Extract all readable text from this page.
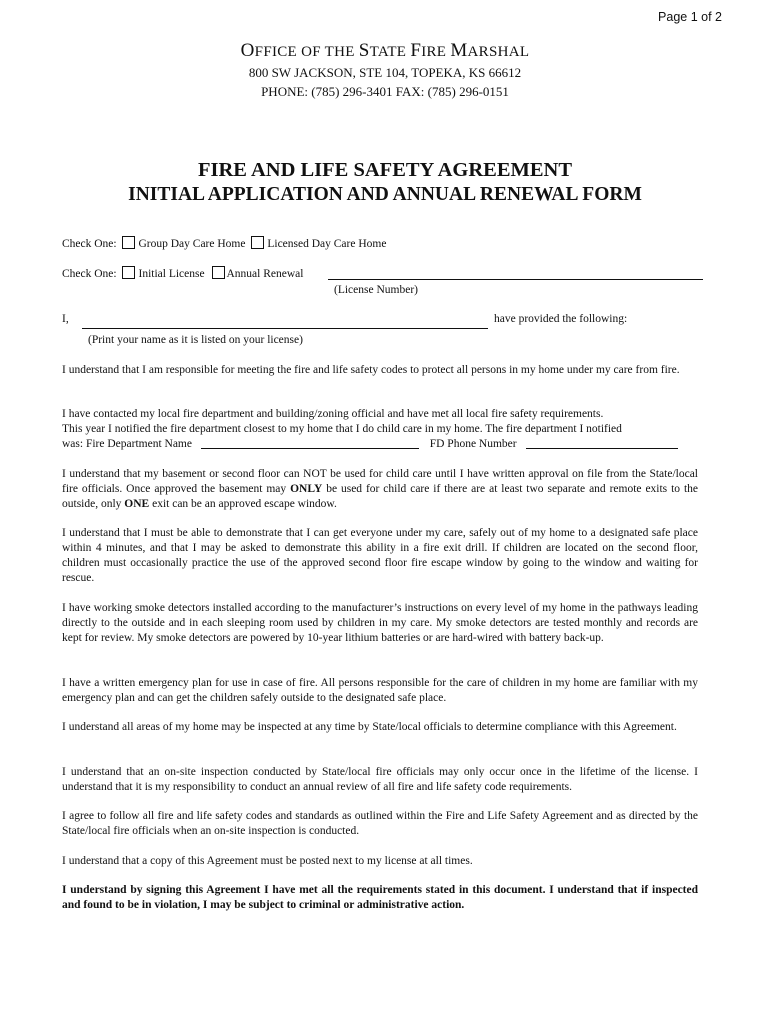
Page 1 of 2
OFFICE OF THE STATE FIRE MARSHAL
800 SW JACKSON, STE 104, TOPEKA, KS 66612
PHONE: (785) 296-3401 FAX: (785) 296-0151
FIRE AND LIFE SAFETY AGREEMENT
INITIAL APPLICATION AND ANNUAL RENEWAL FORM
Check One: Group Day Care Home Licensed Day Care Home
Check One: Initial License Annual Renewal
(License Number)
I,	have provided the following:
(Print your name as it is listed on your license)
I understand that I am responsible for meeting the fire and life safety codes to protect all persons in my home under my care from fire.
I have contacted my local fire department and building/zoning official and have met all local fire safety requirements.
This year I notified the fire department closest to my home that I do child care in my home. The fire department I notified
was: Fire Department Name	FD Phone Number
I understand that my basement or second floor can NOT be used for child care until I have written approval on file from the State/local fire officials. Once approved the basement may ONLY be used for child care if there are at least two separate and remote exits to the outside, only ONE exit can be an approved escape window.
I understand that I must be able to demonstrate that I can get everyone under my care, safely out of my home to a designated safe place within 4 minutes, and that I may be asked to demonstrate this ability in a fire exit drill. If children are located on the second floor, children must occasionally practice the use of the approved second floor fire escape window by going to the window and waiting for rescue.
I have working smoke detectors installed according to the manufacturer’s instructions on every level of my home in the pathways leading directly to the outside and in each sleeping room used by children in my care. My smoke detectors are tested monthly and records are kept for review. My smoke detectors are powered by 10-year lithium batteries or are hard-wired with battery back-up.
I have a written emergency plan for use in case of fire. All persons responsible for the care of children in my home are familiar with my emergency plan and can get the children safely outside to the designated safe place.
I understand all areas of my home may be inspected at any time by State/local officials to determine compliance with this Agreement.
I understand that an on-site inspection conducted by State/local fire officials may only occur once in the lifetime of the license. I understand that it is my responsibility to conduct an annual review of all fire and life safety code requirements.
I agree to follow all fire and life safety codes and standards as outlined within the Fire and Life Safety Agreement and as directed by the State/local fire officials when an on-site inspection is conducted.
I understand that a copy of this Agreement must be posted next to my license at all times.
I understand by signing this Agreement I have met all the requirements stated in this document. I understand that if inspected and found to be in violation, I may be subject to criminal or administrative action.
